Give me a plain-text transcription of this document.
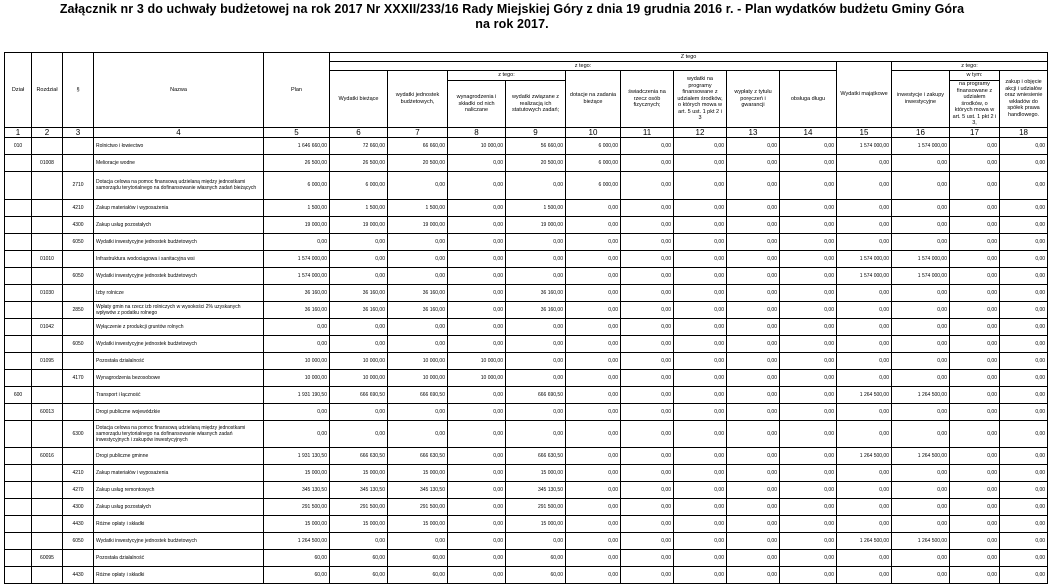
Załącznik nr 3 do uchwały budżetowej na rok 2017 Nr XXXII/233/16 Rady Miejskiej Góry z dnia 19 grudnia 2016 r. - Plan wydatków budżetu Gminy Góra
na rok 2017.
Dział	Rozdział	§	Nazwa	Plan	Z tego												
					z tego:									Wydatki majątkowe	z tego:		
					Wydatki bieżące	wydatki jednostek budżetowych,	z tego:		dotacje na zadania bieżące	świadczenia na rzecz osób fizycznych;	wydatki na programy finansowane z udziałem środków, o których mowa w art. 5 ust. 1 pkt 2 i 3	wypłaty z tytułu poręczeń i gwarancji	obsługa długu		inwestycje i zakupy inwestycyjne	w tym:	zakup i objęcie akcji i udziałów oraz wniesienie wkładów do spółek prawa handlowego.
							wynagrodzenia i składki od nich naliczane	wydatki związane z realizacją ich statutowych zadań;								na programy finansowane z udziałem środków, o których mowa w art. 5 ust. 1 pkt 2 i 3,	

1	2	3	4	5	6	7	8	9	10	11	12	13	14	15	16	17	18
010			Rolnictwo i łowiectwo	1 646 660,00	72 660,00	66 660,00	10 000,00	56 660,00	6 000,00	0,00	0,00	0,00	0,00	1 574 000,00	1 574 000,00	0,00	0,00
	01008		Melioracje wodne	26 500,00	26 500,00	20 500,00	0,00	20 500,00	6 000,00	0,00	0,00	0,00	0,00	0,00	0,00	0,00	0,00
		2710	Dotacja celowa na pomoc finansową udzielaną między jednostkami samorządu terytorialnego na dofinansowanie własnych zadań bieżących	6 000,00	6 000,00	0,00	0,00	0,00	6 000,00	0,00	0,00	0,00	0,00	0,00	0,00	0,00	0,00
		4210	Zakup materiałów i wyposażenia	1 500,00	1 500,00	1 500,00	0,00	1 500,00	0,00	0,00	0,00	0,00	0,00	0,00	0,00	0,00	0,00
		4300	Zakup usług pozostałych	19 000,00	19 000,00	19 000,00	0,00	19 000,00	0,00	0,00	0,00	0,00	0,00	0,00	0,00	0,00	0,00
		6050	Wydatki inwestycyjne jednostek budżetowych	0,00	0,00	0,00	0,00	0,00	0,00	0,00	0,00	0,00	0,00	0,00	0,00	0,00	0,00
	01010		Infrastruktura wodociągowa i sanitacyjna wsi	1 574 000,00	0,00	0,00	0,00	0,00	0,00	0,00	0,00	0,00	0,00	1 574 000,00	1 574 000,00	0,00	0,00
		6050	Wydatki inwestycyjne jednostek budżetowych	1 574 000,00	0,00	0,00	0,00	0,00	0,00	0,00	0,00	0,00	0,00	1 574 000,00	1 574 000,00	0,00	0,00
	01030		Izby rolnicze	36 160,00	36 160,00	36 160,00	0,00	36 160,00	0,00	0,00	0,00	0,00	0,00	0,00	0,00	0,00	0,00
		2850	Wpłaty gmin na rzecz izb rolniczych w wysokości 2% uzyskanych wpływów z podatku rolnego	36 160,00	36 160,00	36 160,00	0,00	36 160,00	0,00	0,00	0,00	0,00	0,00	0,00	0,00	0,00	0,00
	01042		Wyłączenie z produkcji gruntów rolnych	0,00	0,00	0,00	0,00	0,00	0,00	0,00	0,00	0,00	0,00	0,00	0,00	0,00	0,00
		6050	Wydatki inwestycyjne jednostek budżetowych	0,00	0,00	0,00	0,00	0,00	0,00	0,00	0,00	0,00	0,00	0,00	0,00	0,00	0,00
	01095		Pozostała działalność	10 000,00	10 000,00	10 000,00	10 000,00	0,00	0,00	0,00	0,00	0,00	0,00	0,00	0,00	0,00	0,00
		4170	Wynagrodzenia bezosobowe	10 000,00	10 000,00	10 000,00	10 000,00	0,00	0,00	0,00	0,00	0,00	0,00	0,00	0,00	0,00	0,00
600			Transport i łączność	1 931 190,50	666 690,50	666 690,50	0,00	666 690,50	0,00	0,00	0,00	0,00	0,00	1 264 500,00	1 264 500,00	0,00	0,00
	60013		Drogi publiczne wojewódzkie	0,00	0,00	0,00	0,00	0,00	0,00	0,00	0,00	0,00	0,00	0,00	0,00	0,00	0,00
		6300	Dotacja celowa na pomoc finansową udzielaną między jednostkami samorządu terytorialnego na dofinansowanie własnych zadań inwestycyjnych i zakupów inwestycyjnych	0,00	0,00	0,00	0,00	0,00	0,00	0,00	0,00	0,00	0,00	0,00	0,00	0,00	0,00
	60016		Drogi publiczne gminne	1 931 130,50	666 630,50	666 630,50	0,00	666 630,50	0,00	0,00	0,00	0,00	0,00	1 264 500,00	1 264 500,00	0,00	0,00
		4210	Zakup materiałów i wyposażenia	15 000,00	15 000,00	15 000,00	0,00	15 000,00	0,00	0,00	0,00	0,00	0,00	0,00	0,00	0,00	0,00
		4270	Zakup usług remontowych	345 130,50	345 130,50	345 130,50	0,00	345 130,50	0,00	0,00	0,00	0,00	0,00	0,00	0,00	0,00	0,00
		4300	Zakup usług pozostałych	291 500,00	291 500,00	291 500,00	0,00	291 500,00	0,00	0,00	0,00	0,00	0,00	0,00	0,00	0,00	0,00
		4430	Różne opłaty i składki	15 000,00	15 000,00	15 000,00	0,00	15 000,00	0,00	0,00	0,00	0,00	0,00	0,00	0,00	0,00	0,00
		6050	Wydatki inwestycyjne jednostek budżetowych	1 264 500,00	0,00	0,00	0,00	0,00	0,00	0,00	0,00	0,00	0,00	1 264 500,00	1 264 500,00	0,00	0,00
	60095		Pozostała działalność	60,00	60,00	60,00	0,00	60,00	0,00	0,00	0,00	0,00	0,00	0,00	0,00	0,00	0,00
		4430	Różne opłaty i składki	60,00	60,00	60,00	0,00	60,00	0,00	0,00	0,00	0,00	0,00	0,00	0,00	0,00	0,00
